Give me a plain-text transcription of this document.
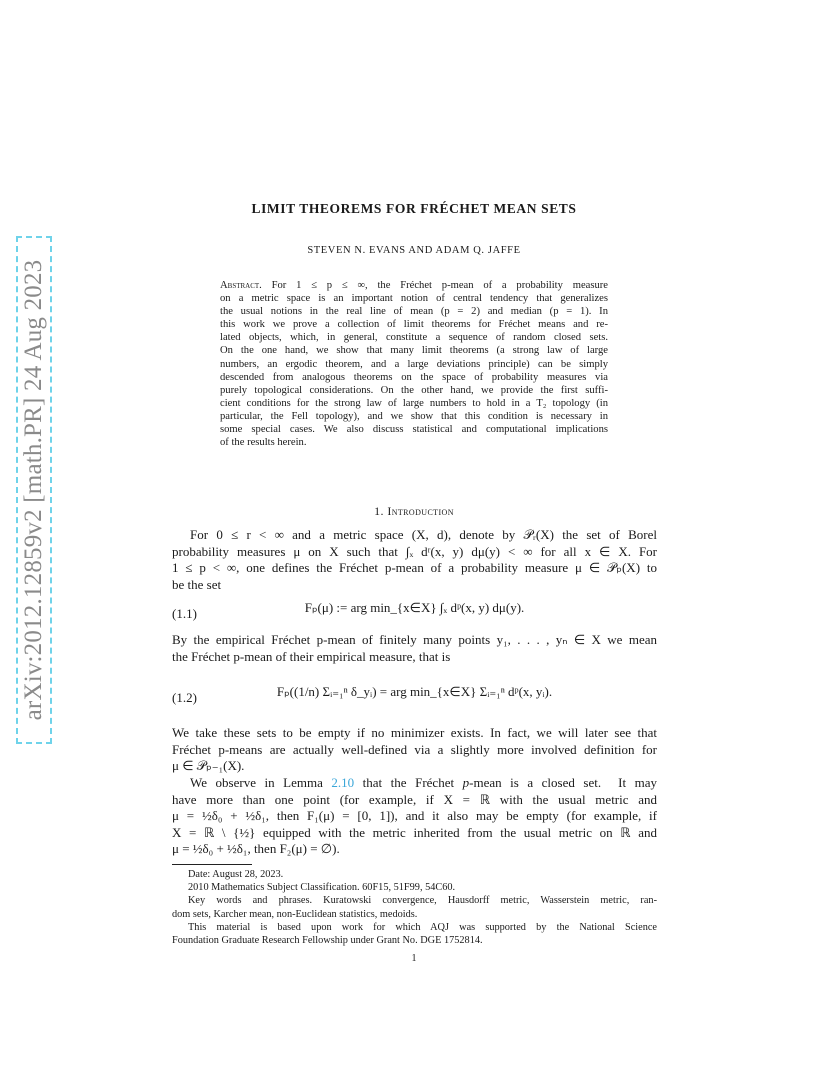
arXiv:2012.12859v2 [math.PR] 24 Aug 2023
LIMIT THEOREMS FOR FRÉCHET MEAN SETS
STEVEN N. EVANS AND ADAM Q. JAFFE
Abstract. For 1 ≤ p ≤ ∞, the Fréchet p-mean of a probability measure
on a metric space is an important notion of central tendency that generalizes
the usual notions in the real line of mean (p = 2) and median (p = 1). In
this work we prove a collection of limit theorems for Fréchet means and re-
lated objects, which, in general, constitute a sequence of random closed sets.
On the one hand, we show that many limit theorems (a strong law of large
numbers, an ergodic theorem, and a large deviations principle) can be simply
descended from analogous theorems on the space of probability measures via
purely topological considerations. On the other hand, we provide the first suffi-
cient conditions for the strong law of large numbers to hold in a T₂ topology (in
particular, the Fell topology), and we show that this condition is necessary in
some special cases. We also discuss statistical and computational implications
of the results herein.
1. Introduction
For 0 ≤ r < ∞ and a metric space (X, d), denote by 𝒫ᵣ(X) the set of Borel
probability measures μ on X such that ∫ₓ dʳ(x, y) dμ(y) < ∞ for all x ∈ X. For
1 ≤ p < ∞, one defines the Fréchet p-mean of a probability measure μ ∈ 𝒫ₚ(X) to
be the set
(1.1)	Fₚ(μ) := arg min_{x∈X} ∫ₓ dᵖ(x, y) dμ(y).
By the empirical Fréchet p-mean of finitely many points y₁, . . . , yₙ ∈ X we mean
the Fréchet p-mean of their empirical measure, that is
(1.2)	Fₚ((1/n) Σᵢ₌₁ⁿ δ_yᵢ) = arg min_{x∈X} Σᵢ₌₁ⁿ dᵖ(x, yᵢ).
We take these sets to be empty if no minimizer exists. In fact, we will later see that
Fréchet p-means are actually well-defined via a slightly more involved definition for
μ ∈ 𝒫ₚ₋₁(X).
We observe in Lemma 2.10 that the Fréchet p-mean is a closed set.  It may
have more than one point (for example, if X = ℝ with the usual metric and
μ = ½δ₀ + ½δ₁, then F₁(μ) = [0, 1]), and it also may be empty (for example, if
X = ℝ \ {½} equipped with the metric inherited from the usual metric on ℝ and
μ = ½δ₀ + ½δ₁, then F₂(μ) = ∅).
Date: August 28, 2023.
2010 Mathematics Subject Classification. 60F15, 51F99, 54C60.
Key words and phrases. Kuratowski convergence, Hausdorff metric, Wasserstein metric, ran-
dom sets, Karcher mean, non-Euclidean statistics, medoids.
This material is based upon work for which AQJ was supported by the National Science
Foundation Graduate Research Fellowship under Grant No. DGE 1752814.
1
